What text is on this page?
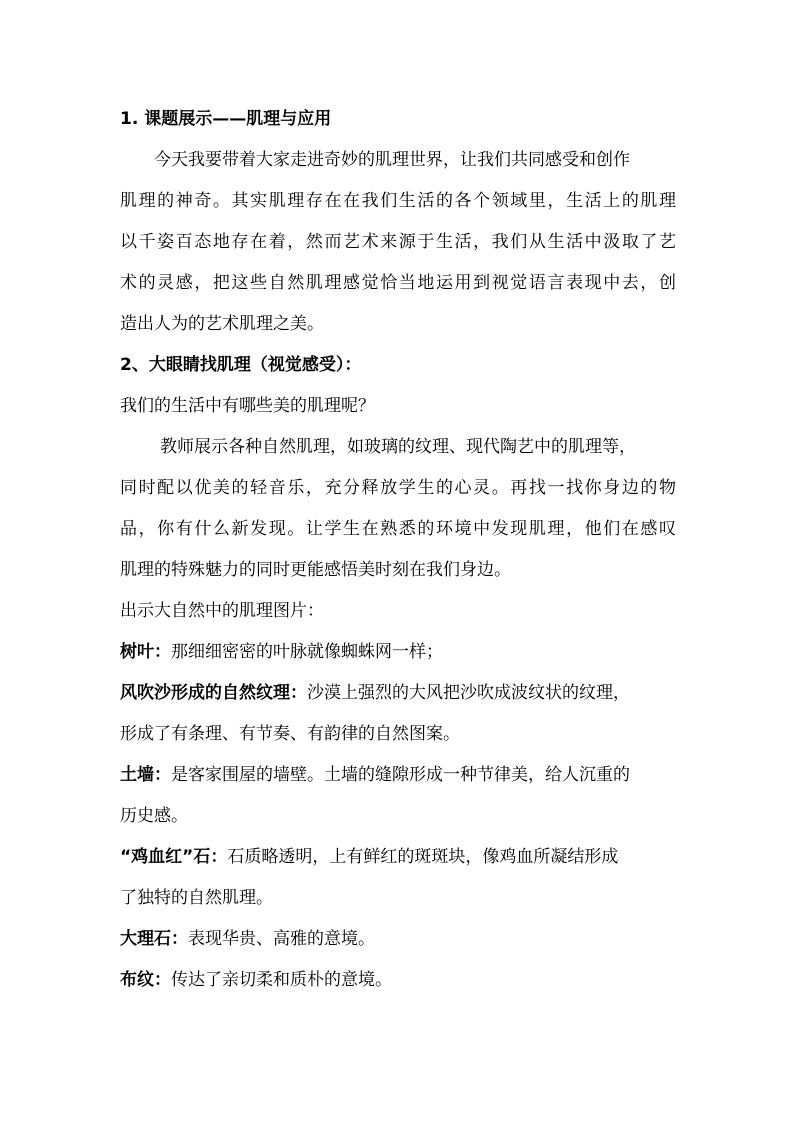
1. 课题展示——肌理与应用
今天我要带着大家走进奇妙的肌理世界，让我们共同感受和创作
肌理的神奇。其实肌理存在在我们生活的各个领域里，生活上的肌理
以千姿百态地存在着，然而艺术来源于生活，我们从生活中汲取了艺
术的灵感，把这些自然肌理感觉恰当地运用到视觉语言表现中去，创
造出人为的艺术肌理之美。
2、大眼睛找肌理（视觉感受）：
我们的生活中有哪些美的肌理呢？
教师展示各种自然肌理，如玻璃的纹理、现代陶艺中的肌理等，
同时配以优美的轻音乐，充分释放学生的心灵。再找一找你身边的物
品，你有什么新发现。让学生在熟悉的环境中发现肌理，他们在感叹
肌理的特殊魅力的同时更能感悟美时刻在我们身边。
出示大自然中的肌理图片：
树叶：那细细密密的叶脉就像蜘蛛网一样；
风吹沙形成的自然纹理：沙漠上强烈的大风把沙吹成波纹状的纹理，
形成了有条理、有节奏、有韵律的自然图案。
土墙：是客家围屋的墙壁。土墙的缝隙形成一种节律美，给人沉重的
历史感。
“鸡血红”石：石质略透明，上有鲜红的斑斑块，像鸡血所凝结形成
了独特的自然肌理。
大理石：表现华贵、高雅的意境。
布纹：传达了亲切柔和质朴的意境。
